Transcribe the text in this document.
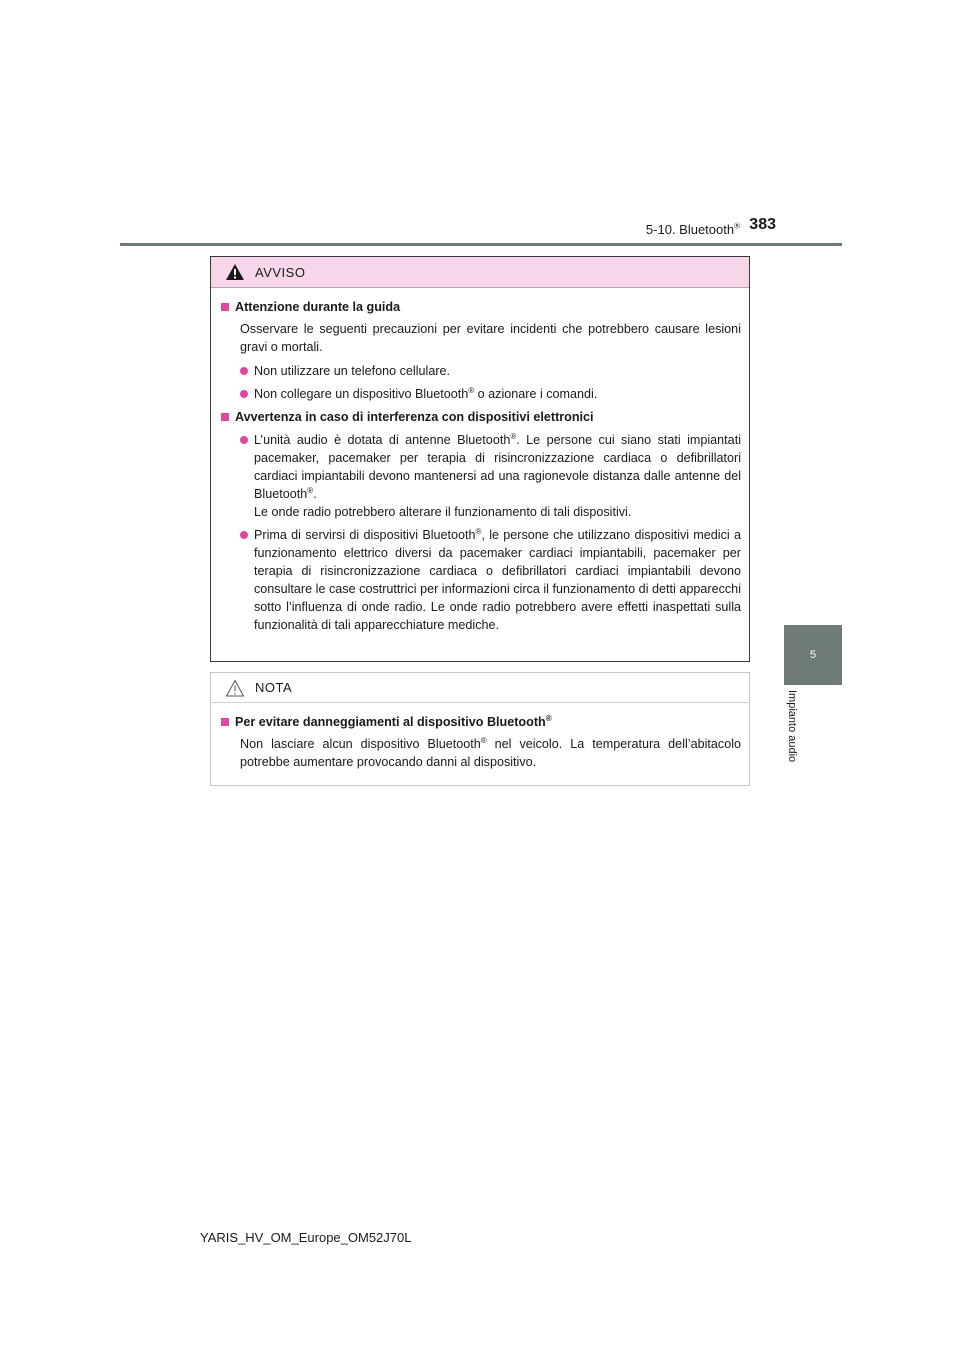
5-10. Bluetooth® 383
5
Impianto audio
AVVISO
Attenzione durante la guida
Osservare le seguenti precauzioni per evitare incidenti che potrebbero causare lesioni gravi o mortali.
Non utilizzare un telefono cellulare.
Non collegare un dispositivo Bluetooth® o azionare i comandi.
Avvertenza in caso di interferenza con dispositivi elettronici
L’unità audio è dotata di antenne Bluetooth®. Le persone cui siano stati impiantati pacemaker, pacemaker per terapia di risincronizzazione cardiaca o defibrillatori cardiaci impiantabili devono mantenersi ad una ragionevole distanza dalle antenne del Bluetooth®.
Le onde radio potrebbero alterare il funzionamento di tali dispositivi.
Prima di servirsi di dispositivi Bluetooth®, le persone che utilizzano dispositivi medici a funzionamento elettrico diversi da pacemaker cardiaci impiantabili, pacemaker per terapia di risincronizzazione cardiaca o defibrillatori cardiaci impiantabili devono consultare le case costruttrici per informazioni circa il funzionamento di detti apparecchi sotto l’influenza di onde radio. Le onde radio potrebbero avere effetti inaspettati sulla funzionalità di tali apparecchiature mediche.
NOTA
Per evitare danneggiamenti al dispositivo Bluetooth®
Non lasciare alcun dispositivo Bluetooth® nel veicolo. La temperatura dell’abitacolo potrebbe aumentare provocando danni al dispositivo.
YARIS_HV_OM_Europe_OM52J70L
